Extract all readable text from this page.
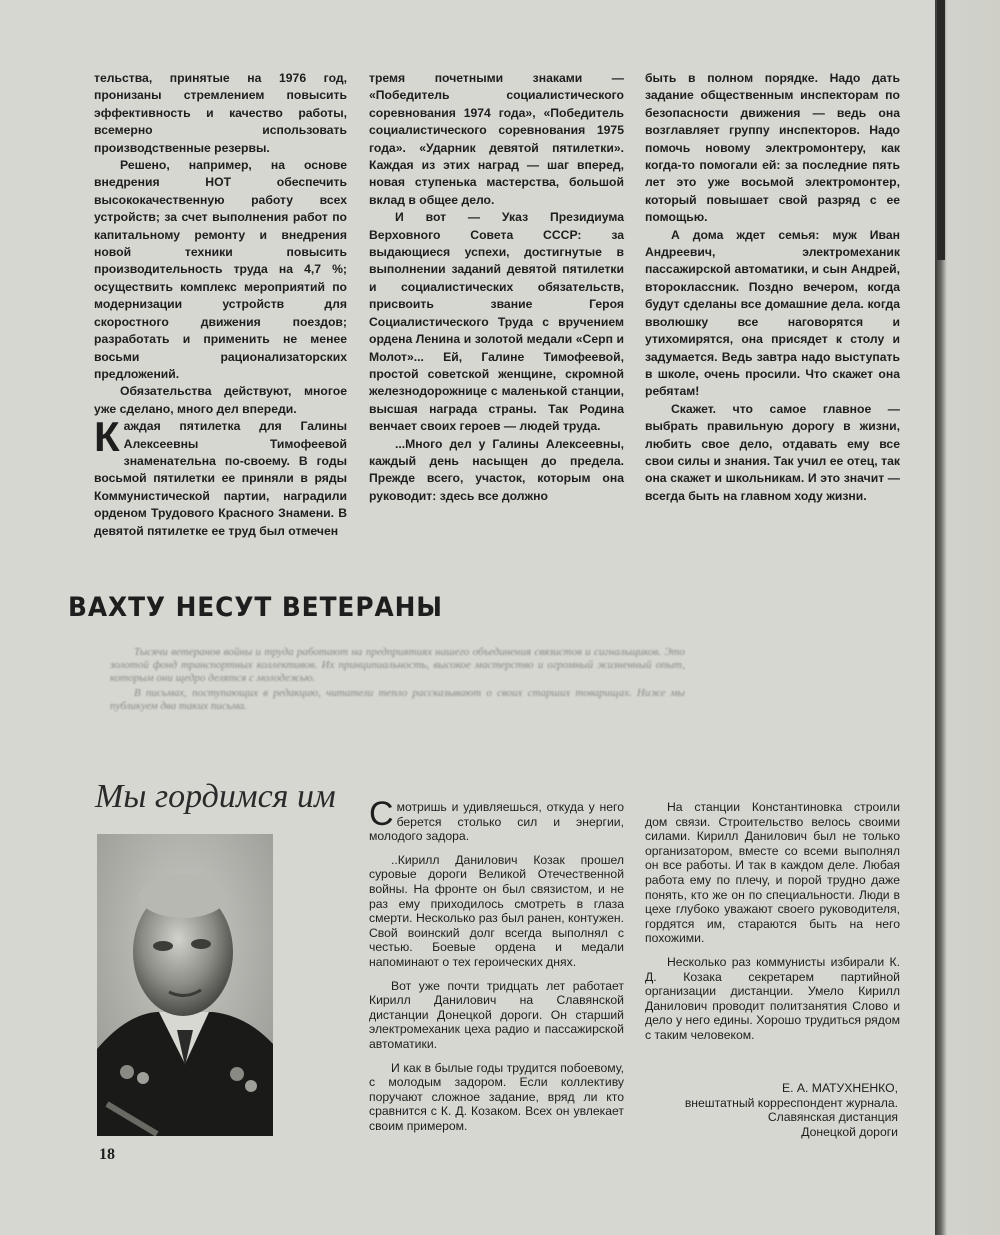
тельства, принятые на 1976 год, пронизаны стремлением повысить эффективность и качество работы, всемерно использовать производственные резервы.

Решено, например, на основе внедрения НОТ обеспечить высококачественную работу всех устройств; за счет выполнения работ по капитальному ремонту и внедрения новой техники повысить производительность труда на 4,7 %; осуществить комплекс мероприятий по модернизации устройств для скоростного движения поездов; разработать и применить не менее восьми рационализаторских предложений.

Обязательства действуют, многое уже сделано, много дел впереди.

Каждая пятилетка для Галины Алексеевны Тимофеевой знаменательна по-своему. В годы восьмой пятилетки ее приняли в ряды Коммунистической партии, наградили орденом Трудового Красного Знамени. В девятой пятилетке ее труд был отмечен

тремя почетными знаками — «Победитель социалистического соревнования 1974 года», «Победитель социалистического соревнования 1975 года». «Ударник девятой пятилетки». Каждая из этих наград — шаг вперед, новая ступенька мастерства, большой вклад в общее дело.

И вот — Указ Президиума Верховного Совета СССР: за выдающиеся успехи, достигнутые в выполнении заданий девятой пятилетки и социалистических обязательств, присвоить звание Героя Социалистического Труда с вручением ордена Ленина и золотой медали «Серп и Молот»... Ей, Галине Тимофеевой, простой советской женщине, скромной железнодорожнице с маленькой станции, высшая награда страны. Так Родина венчает своих героев — людей труда.

...Много дел у Галины Алексеевны, каждый день насыщен до предела. Прежде всего, участок, которым она руководит: здесь все должно

быть в полном порядке. Надо дать задание общественным инспекторам по безопасности движения — ведь она возглавляет группу инспекторов. Надо помочь новому электромонтеру, как когда-то помогали ей: за последние пять лет это уже восьмой электромонтер, который повышает свой разряд с ее помощью.

А дома ждет семья: муж Иван Андреевич, электромеханик пассажирской автоматики, и сын Андрей, второклассник. Поздно вечером, когда будут сделаны все домашние дела. когда вволюшку все наговорятся и утихомирятся, она присядет к столу и задумается. Ведь завтра надо выступать в школе, очень просили. Что скажет она ребятам!

Скажет. что самое главное — выбрать правильную дорогу в жизни, любить свое дело, отдавать ему все свои силы и знания. Так учил ее отец, так она скажет и школьникам. И это значит — всегда быть на главном ходу жизни.

ВАХТУ НЕСУТ ВЕТЕРАНЫ

Тысячи ветеранов войны и труда работают на предприятиях нашего объединения связистов и сигнальщиков. Это золотой фонд транспортных коллективов. Их принципиальность, высокое мастерство и огромный жизненный опыт, которым они щедро делятся с молодежью.

В письмах, поступающих в редакцию, читатели тепло рассказывают о своих старших товарищах. Ниже мы публикуем два таких письма.

Мы гордимся им Смотришь и удивляешься, откуда у него берется столько сил и энергии, молодого задора.

..Кирилл Данилович Козак прошел суровые дороги Великой Отечественной войны. На фронте он был связистом, и не раз ему приходилось смотреть в глаза смерти. Несколько раз был ранен, контужен. Свой воинский долг всегда выполнял с честью. Боевые ордена и медали напоминают о тех героических днях.

Вот уже почти тридцать лет работает Кирилл Данилович на Славянской дистанции Донецкой дороги. Он старший электромеханик цеха радио и пассажирской автоматики.

И как в былые годы трудится побоевому, с молодым задором. Если коллективу поручают сложное задание, вряд ли кто сравнится с К. Д. Козаком. Всех он увлекает своим примером.

На станции Константиновка строили дом связи. Строительство велось своими силами. Кирилл Данилович был не только организатором, вместе со всеми выполнял он все работы. И так в каждом деле. Любая работа ему по плечу, и порой трудно даже понять, кто же он по специальности. Люди в цехе глубоко уважают своего руководителя, гордятся им, стараются быть на него похожими.

Несколько раз коммунисты избирали К. Д. Козака секретарем партийной организации дистанции. Умело Кирилл Данилович проводит политзанятия Слово и дело у него едины. Хорошо трудиться рядом с таким человеком.

Е. А. МАТУХНЕНКО,
внештатный корреспондент журнала.
Славянская дистанция
Донецкой дороги
18
